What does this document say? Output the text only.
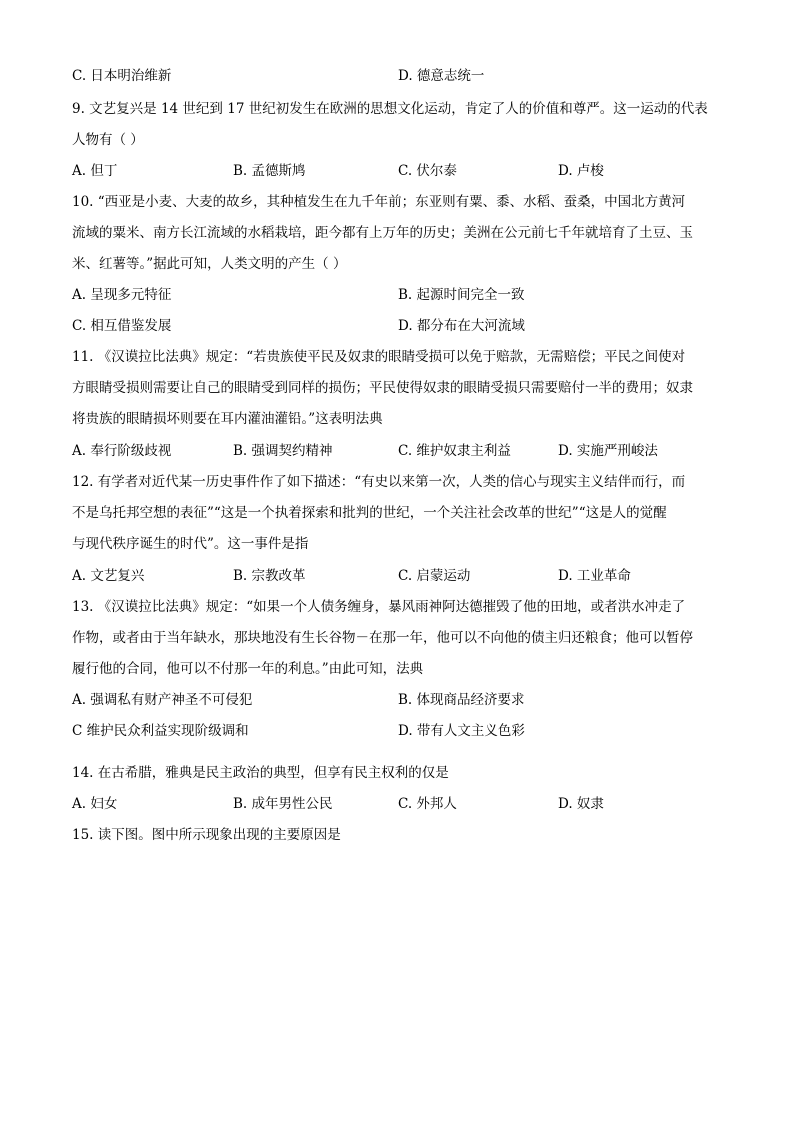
C. 日本明治维新	D. 德意志统一
9. 文艺复兴是 14 世纪到 17 世纪初发生在欧洲的思想文化运动，肯定了人的价值和尊严。这一运动的代表
人物有（ ）
A. 但丁	B. 孟德斯鸠	C. 伏尔泰	D. 卢梭
10. “西亚是小麦、大麦的故乡，其种植发生在九千年前；东亚则有粟、黍、水稻、蚕桑，中国北方黄河
流域的粟米、南方长江流域的水稻栽培，距今都有上万年的历史；美洲在公元前七千年就培育了土豆、玉
米、红薯等。”据此可知，人类文明的产生（ ）
A. 呈现多元特征	B. 起源时间完全一致
C. 相互借鉴发展	D. 都分布在大河流域
11. 《汉谟拉比法典》规定：“若贵族使平民及奴隶的眼睛受损可以免于赔款，无需赔偿；平民之间使对
方眼睛受损则需要让自己的眼睛受到同样的损伤；平民使得奴隶的眼睛受损只需要赔付一半的费用；奴隶
将贵族的眼睛损坏则要在耳内灌油灌铅。”这表明法典
A. 奉行阶级歧视	B. 强调契约精神	C. 维护奴隶主利益	D. 实施严刑峻法
12. 有学者对近代某一历史事件作了如下描述：“有史以来第一次，人类的信心与现实主义结伴而行，而
不是乌托邦空想的表征”“这是一个执着探索和批判的世纪，一个关注社会改革的世纪”“这是人的觉醒
与现代秩序诞生的时代”。这一事件是指
A. 文艺复兴	B. 宗教改革	C. 启蒙运动	D. 工业革命
13. 《汉谟拉比法典》规定：“如果一个人债务缠身，暴风雨神阿达德摧毁了他的田地，或者洪水冲走了
作物，或者由于当年缺水，那块地没有生长谷物－在那一年，他可以不向他的债主归还粮食；他可以暂停
履行他的合同，他可以不付那一年的利息。”由此可知，法典
A. 强调私有财产神圣不可侵犯	B. 体现商品经济要求
C 维护民众利益实现阶级调和	D. 带有人文主义色彩
14. 在古希腊，雅典是民主政治的典型，但享有民主权利的仅是
A. 妇女	B. 成年男性公民	C. 外邦人	D. 奴隶
15. 读下图。图中所示现象出现的主要原因是
